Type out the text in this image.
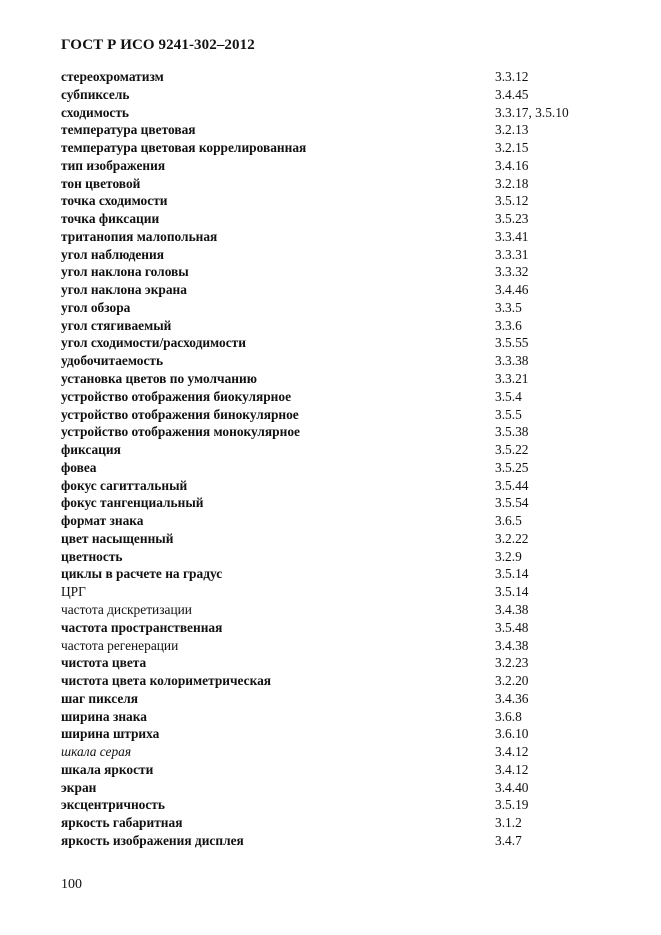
ГОСТ Р ИСО 9241-302–2012
стереохроматизм	3.3.12
субпиксель	3.4.45
сходимость	3.3.17, 3.5.10
температура цветовая	3.2.13
температура цветовая коррелированная	3.2.15
тип изображения	3.4.16
тон цветовой	3.2.18
точка сходимости	3.5.12
точка фиксации	3.5.23
тританопия малопольная	3.3.41
угол наблюдения	3.3.31
угол наклона головы	3.3.32
угол наклона экрана	3.4.46
угол обзора	3.3.5
угол стягиваемый	3.3.6
угол сходимости/расходимости	3.5.55
удобочитаемость	3.3.38
установка цветов по умолчанию	3.3.21
устройство отображения биокулярное	3.5.4
устройство отображения бинокулярное	3.5.5
устройство отображения монокулярное	3.5.38
фиксация	3.5.22
фовеа	3.5.25
фокус сагиттальный	3.5.44
фокус тангенциальный	3.5.54
формат знака	3.6.5
цвет насыщенный	3.2.22
цветность	3.2.9
циклы в расчете на градус	3.5.14
ЦРГ	3.5.14
частота дискретизации	3.4.38
частота пространственная	3.5.48
частота регенерации	3.4.38
чистота цвета	3.2.23
чистота цвета колориметрическая	3.2.20
шаг пикселя	3.4.36
ширина знака	3.6.8
ширина штриха	3.6.10
шкала серая	3.4.12
шкала яркости	3.4.12
экран	3.4.40
эксцентричность	3.5.19
яркость габаритная	3.1.2
яркость изображения дисплея	3.4.7
100
